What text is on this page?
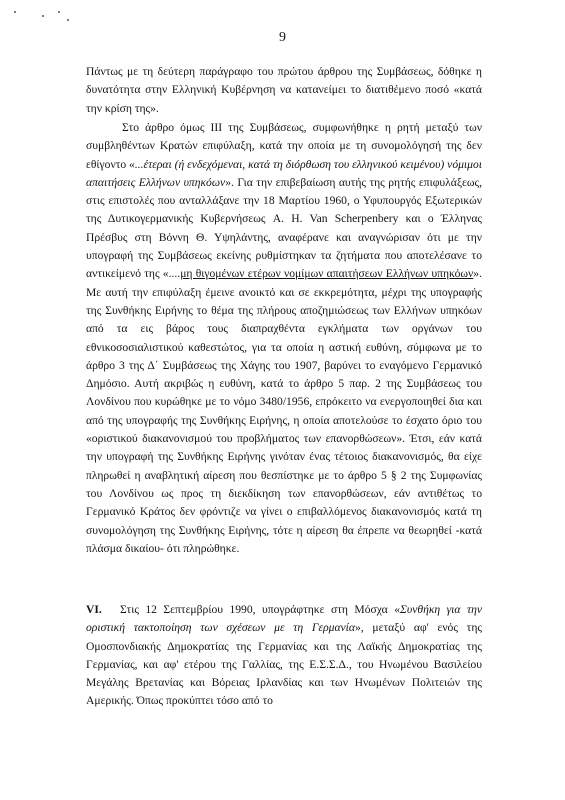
9

Πάντως με τη δεύτερη παράγραφο του πρώτου άρθρου της Συμβάσεως, δόθηκε η δυνατότητα στην Ελληνική Κυβέρνηση να κατανείμει το διατιθέμενο ποσό «κατά την κρίση της».

Στο άρθρο όμως ΙΙΙ της Συμβάσεως, συμφωνήθηκε η ρητή μεταξύ των συμβληθέντων Κρατών επιφύλαξη, κατά την οποία με τη συνομολόγησή της δεν εθίγοντο «...έτεραι (ή ενδεχόμεναι, κατά τη διόρθωση του ελληνικού κειμένου) νόμιμοι απαιτήσεις Ελλήνων υπηκόων». Για την επιβεβαίωση αυτής της ρητής επιφυλάξεως, στις επιστολές που ανταλλάξανε την 18 Μαρτίου 1960, ο Υφυπουργός Εξωτερικών της Δυτικογερμανικής Κυβερνήσεως A. H. Van Scherpenbery και ο Έλληνας Πρέσβυς στη Βόννη Θ. Υψηλάντης, αναφέρανε και αναγνώρισαν ότι με την υπογραφή της Συμβάσεως εκείνης ρυθμίστηκαν τα ζητήματα που αποτελέσανε το αντικείμενό της «....μη θιγομένων ετέρων νομίμων απαιτήσεων Ελλήνων υπηκόων». Με αυτή την επιφύλαξη έμεινε ανοικτό και σε εκκρεμότητα, μέχρι της υπογραφής της Συνθήκης Ειρήνης το θέμα της πλήρους αποζημιώσεως των Ελλήνων υπηκόων από τα εις βάρος τους διαπραχθέντα εγκλήματα των οργάνων του εθνικοσοσιαλιστικού καθεστώτος, για τα οποία η αστική ευθύνη, σύμφωνα με το άρθρο 3 της Δ΄ Συμβάσεως της Χάγης του 1907, βαρύνει το εναγόμενο Γερμανικό Δημόσιο. Αυτή ακριβώς η ευθύνη, κατά το άρθρο 5 παρ. 2 της Συμβάσεως του Λονδίνου που κυρώθηκε με το νόμο 3480/1956, επρόκειτο να ενεργοποιηθεί δια και από της υπογραφής της Συνθήκης Ειρήνης, η οποία αποτελούσε το έσχατο όριο του «οριστικού διακανονισμού του προβλήματος των επανορθώσεων». Έτσι, εάν κατά την υπογραφή της Συνθήκης Ειρήνης γινόταν ένας τέτοιος διακανονισμός, θα είχε πληρωθεί η αναβλητική αίρεση που θεσπίστηκε με το άρθρο 5 § 2 της Συμφωνίας του Λονδίνου ως προς τη διεκδίκηση των επανορθώσεων, εάν αντιθέτως το Γερμανικό Κράτος δεν φρόντιζε να γίνει ο επιβαλλόμενος διακανονισμός κατά τη συνομολόγηση της Συνθήκης Ειρήνης, τότε η αίρεση θα έπρεπε να θεωρηθεί -κατά πλάσμα δικαίου- ότι πληρώθηκε.

VI. Στις 12 Σεπτεμβρίου 1990, υπογράφτηκε στη Μόσχα «Συνθήκη για την οριστική τακτοποίηση των σχέσεων με τη Γερμανία», μεταξύ αφ' ενός της Ομοσπονδιακής Δημοκρατίας της Γερμανίας και της Λαϊκής Δημοκρατίας της Γερμανίας, και αφ' ετέρου της Γαλλίας, της Ε.Σ.Σ.Δ., του Ηνωμένου Βασιλείου Μεγάλης Βρετανίας και Βόρειας Ιρλανδίας και των Ηνωμένων Πολιτειών της Αμερικής. Όπως προκύπτει τόσο από το
